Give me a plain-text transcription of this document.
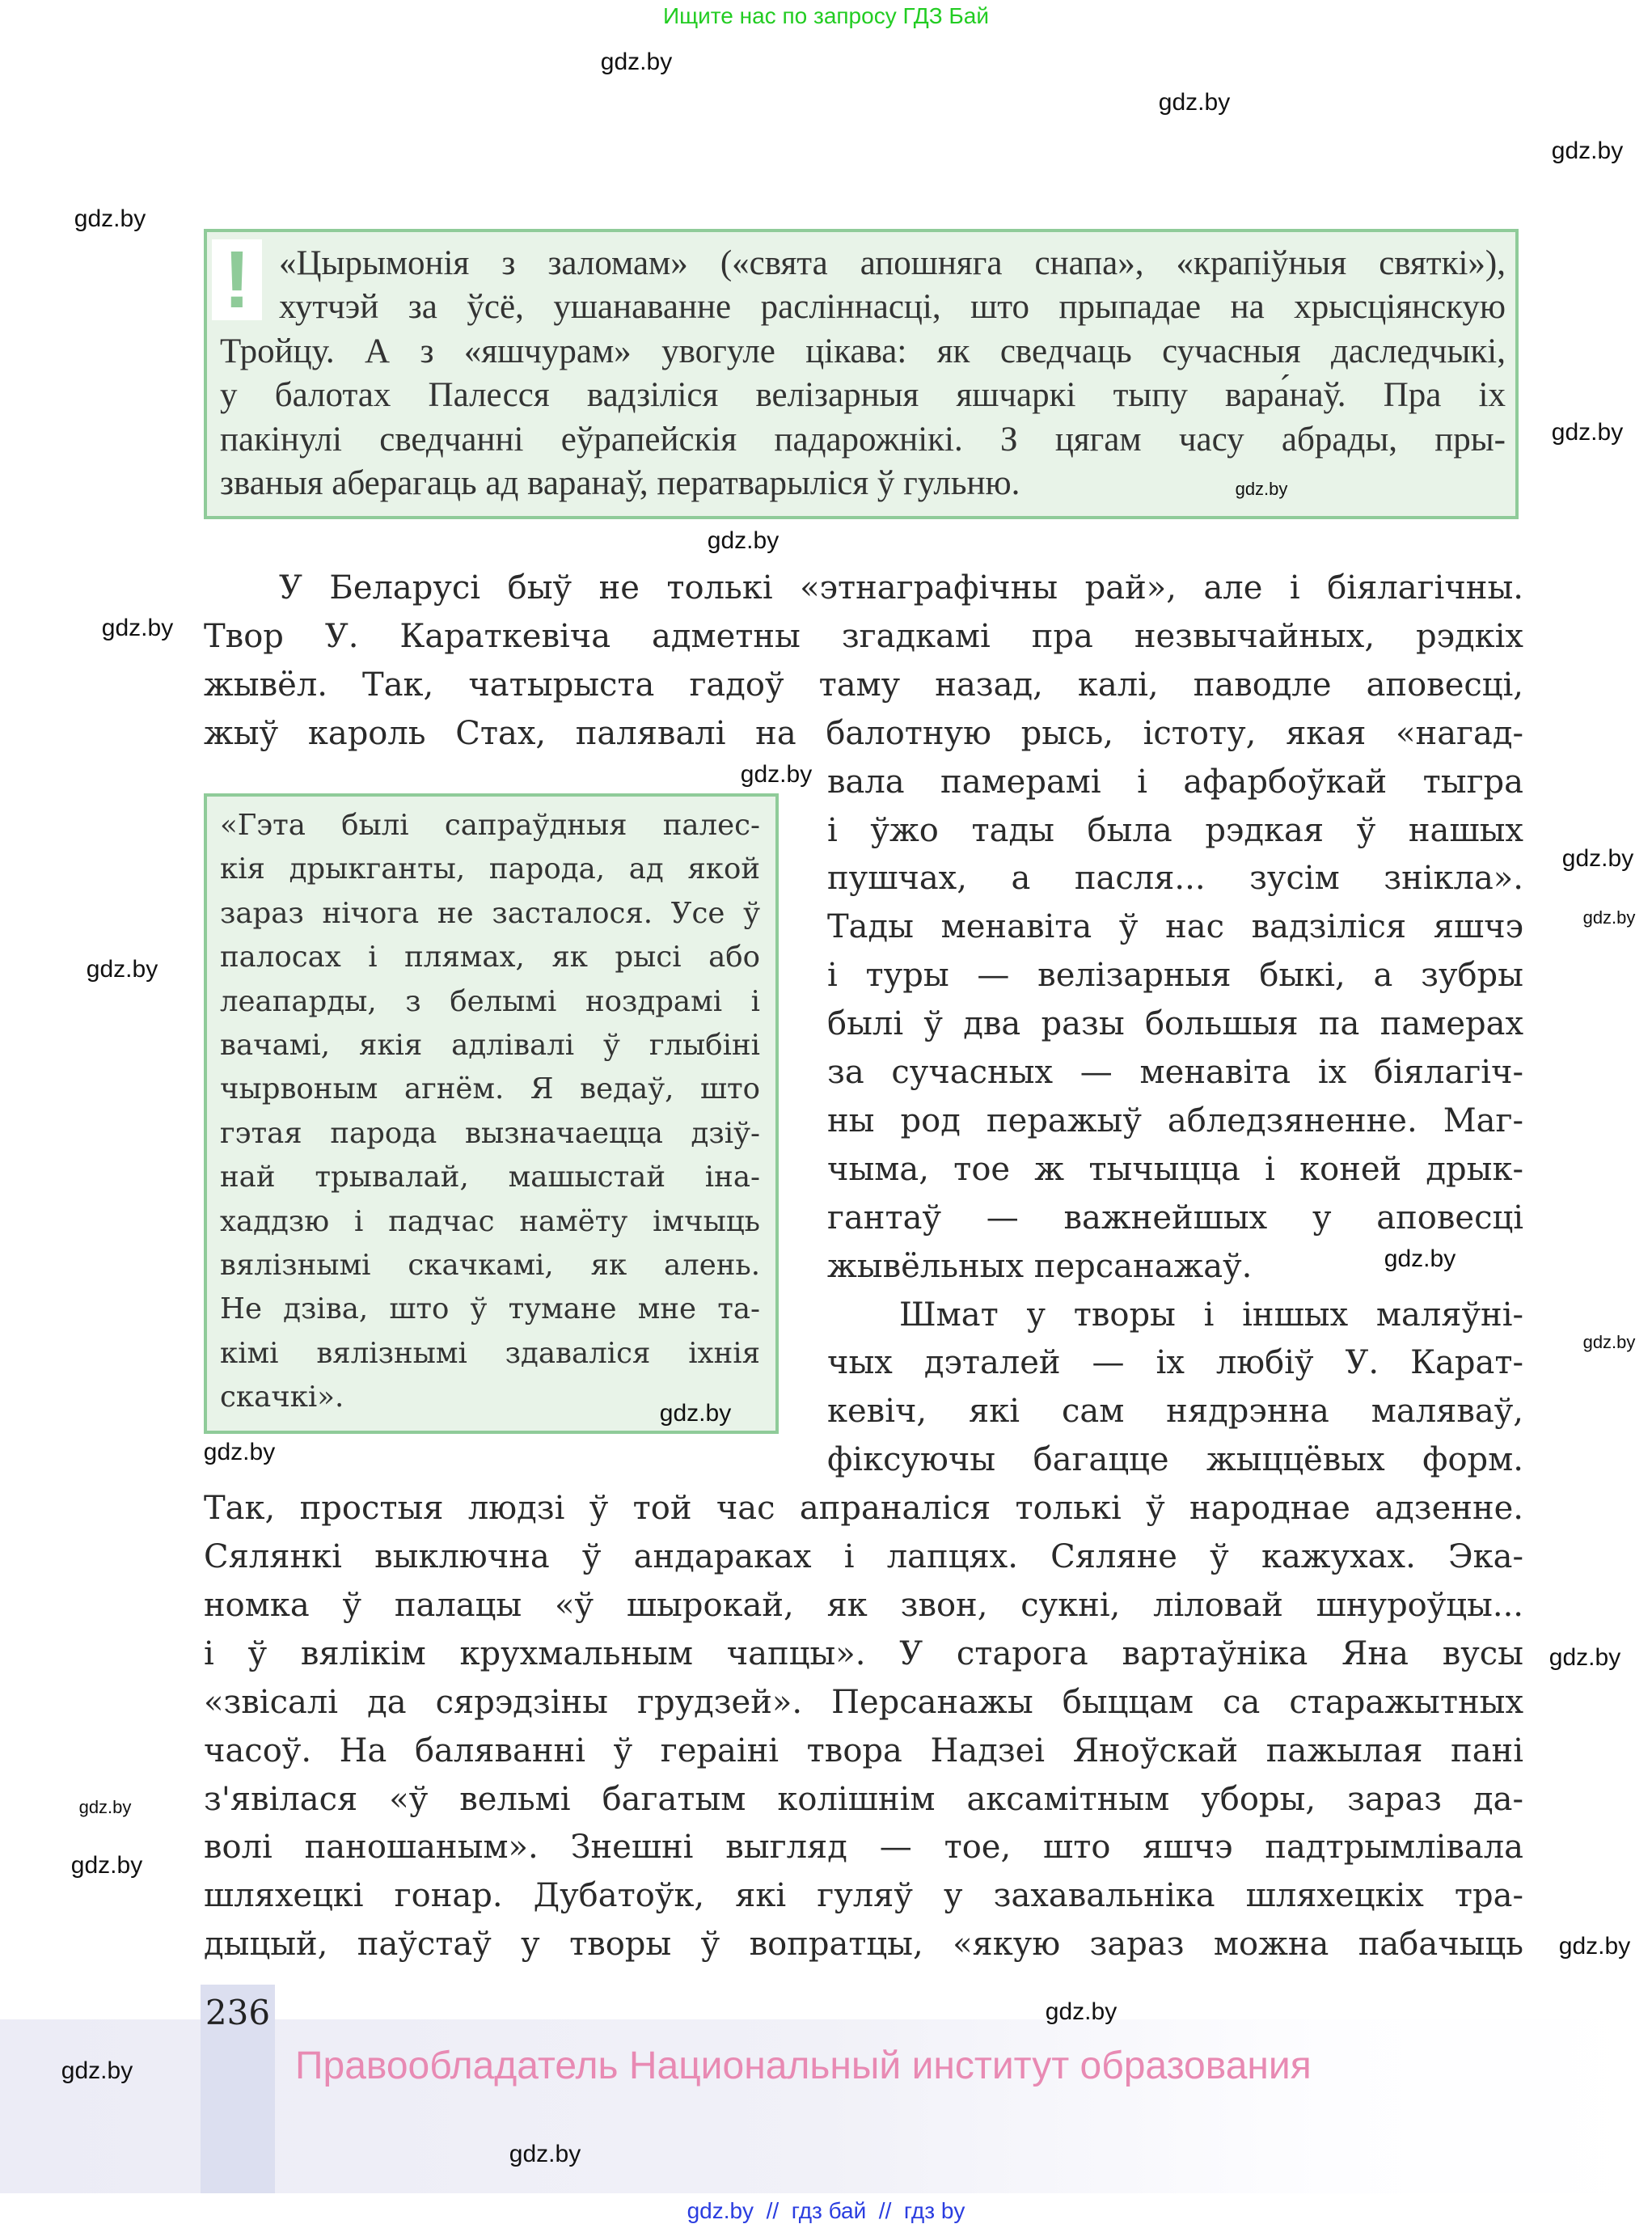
Ищите нас по запросу ГДЗ Бай
! «Цырымонія з заломам» («свята апошняга снапа», «крапіўныя святкі»),
хутчэй за ўсё, ушанаванне расліннасці, што прыпадае на хрысціянскую
Тройцу. А з «яшчурам» увогуле цікава: як сведчаць сучасныя даследчыкі,
у балотах Палесся вадзіліся велізарныя яшчаркі тыпу вара́наў. Пра іх
пакінулі сведчанні еўрапейскія падарожнікі. З цягам часу абрады, пры-
званыя аберагаць ад варанаў, ператварыліся ў гульню.
У Беларусі быў не толькі «этнаграфічны рай», але і біялагічны.
Твор У. Караткевіча адметны згадкамі пра незвычайных, рэдкіх
жывёл. Так, чатырыста гадоў таму назад, калі, паводле аповесці,
жыў кароль Стах, палявалі на балотную рысь, істоту, якая «нагад-
вала памерамі і афарбоўкай тыгра
і ўжо тады была рэдкая ў нашых
пушчах, а пасля... зусім знікла».
Тады менавіта ў нас вадзіліся яшчэ
і туры — велізарныя быкі, а зубры
былі ў два разы большыя па памерах
за сучасных — менавіта іх біялагіч-
ны род перажыў абледзяненне. Маг-
чыма, тое ж тычыцца і коней дрык-
гантаў — важнейшых у аповесці
жывёльных персанажаў.
Шмат у творы і іншых маляўні-
чых дэталей — іх любіў У. Карат-
кевіч, які сам нядрэнна маляваў,
фіксуючы багацце жыццёвых форм.
Так, простыя людзі ў той час апраналіся толькі ў народнае адзенне.
Сялянкі выключна ў андараках і лапцях. Сяляне ў кажухах. Эка-
номка ў палацы «ў шырокай, як звон, сукні, ліловай шнуроўцы...
і ў вялікім крухмальным чапцы». У старога вартаўніка Яна вусы
«звісалі да сярэдзіны грудзей». Персанажы быццам са старажытных
часоў. На баляванні ў гераіні твора Надзеі Яноўскай пажылая пані
з'явілася «ў вельмі багатым колішнім аксамітным уборы, зараз да-
волі паношаным». Знешні выгляд — тое, што яшчэ падтрымлівала
шляхецкі гонар. Дубатоўк, які гуляў у захавальніка шляхецкіх тра-
дыцый, паўстаў у творы ў вопратцы, «якую зараз можна пабачыць
«Гэта былі сапраўдныя палес-
кія дрыкганты, парода, ад якой
зараз нічога не засталося. Усе ў
палосах і плямах, як рысі або
леапарды, з белымі ноздрамі і
вачамі, якія адлівалі ў глыбіні
чырвоным агнём. Я ведаў, што
гэтая парода вызначаецца дзіў-
най трывалай, машыстай іна-
хаддзю і падчас намёту імчыць
вялізнымі скачкамі, як алень.
Не дзіва, што ў тумане мне та-
кімі вялізнымі здаваліся іхнія
скачкі».
236
Правообладатель Национальный институт образования
gdz.by  //  гдз бай  //  гдз by
gdz.by
gdz.by
gdz.by
gdz.by
gdz.by
gdz.by
gdz.by
gdz.by
gdz.by
gdz.by
gdz.by
gdz.by
gdz.by
gdz.by
gdz.by
gdz.by
gdz.by
gdz.by
gdz.by
gdz.by
gdz.by
gdz.by
gdz.by
